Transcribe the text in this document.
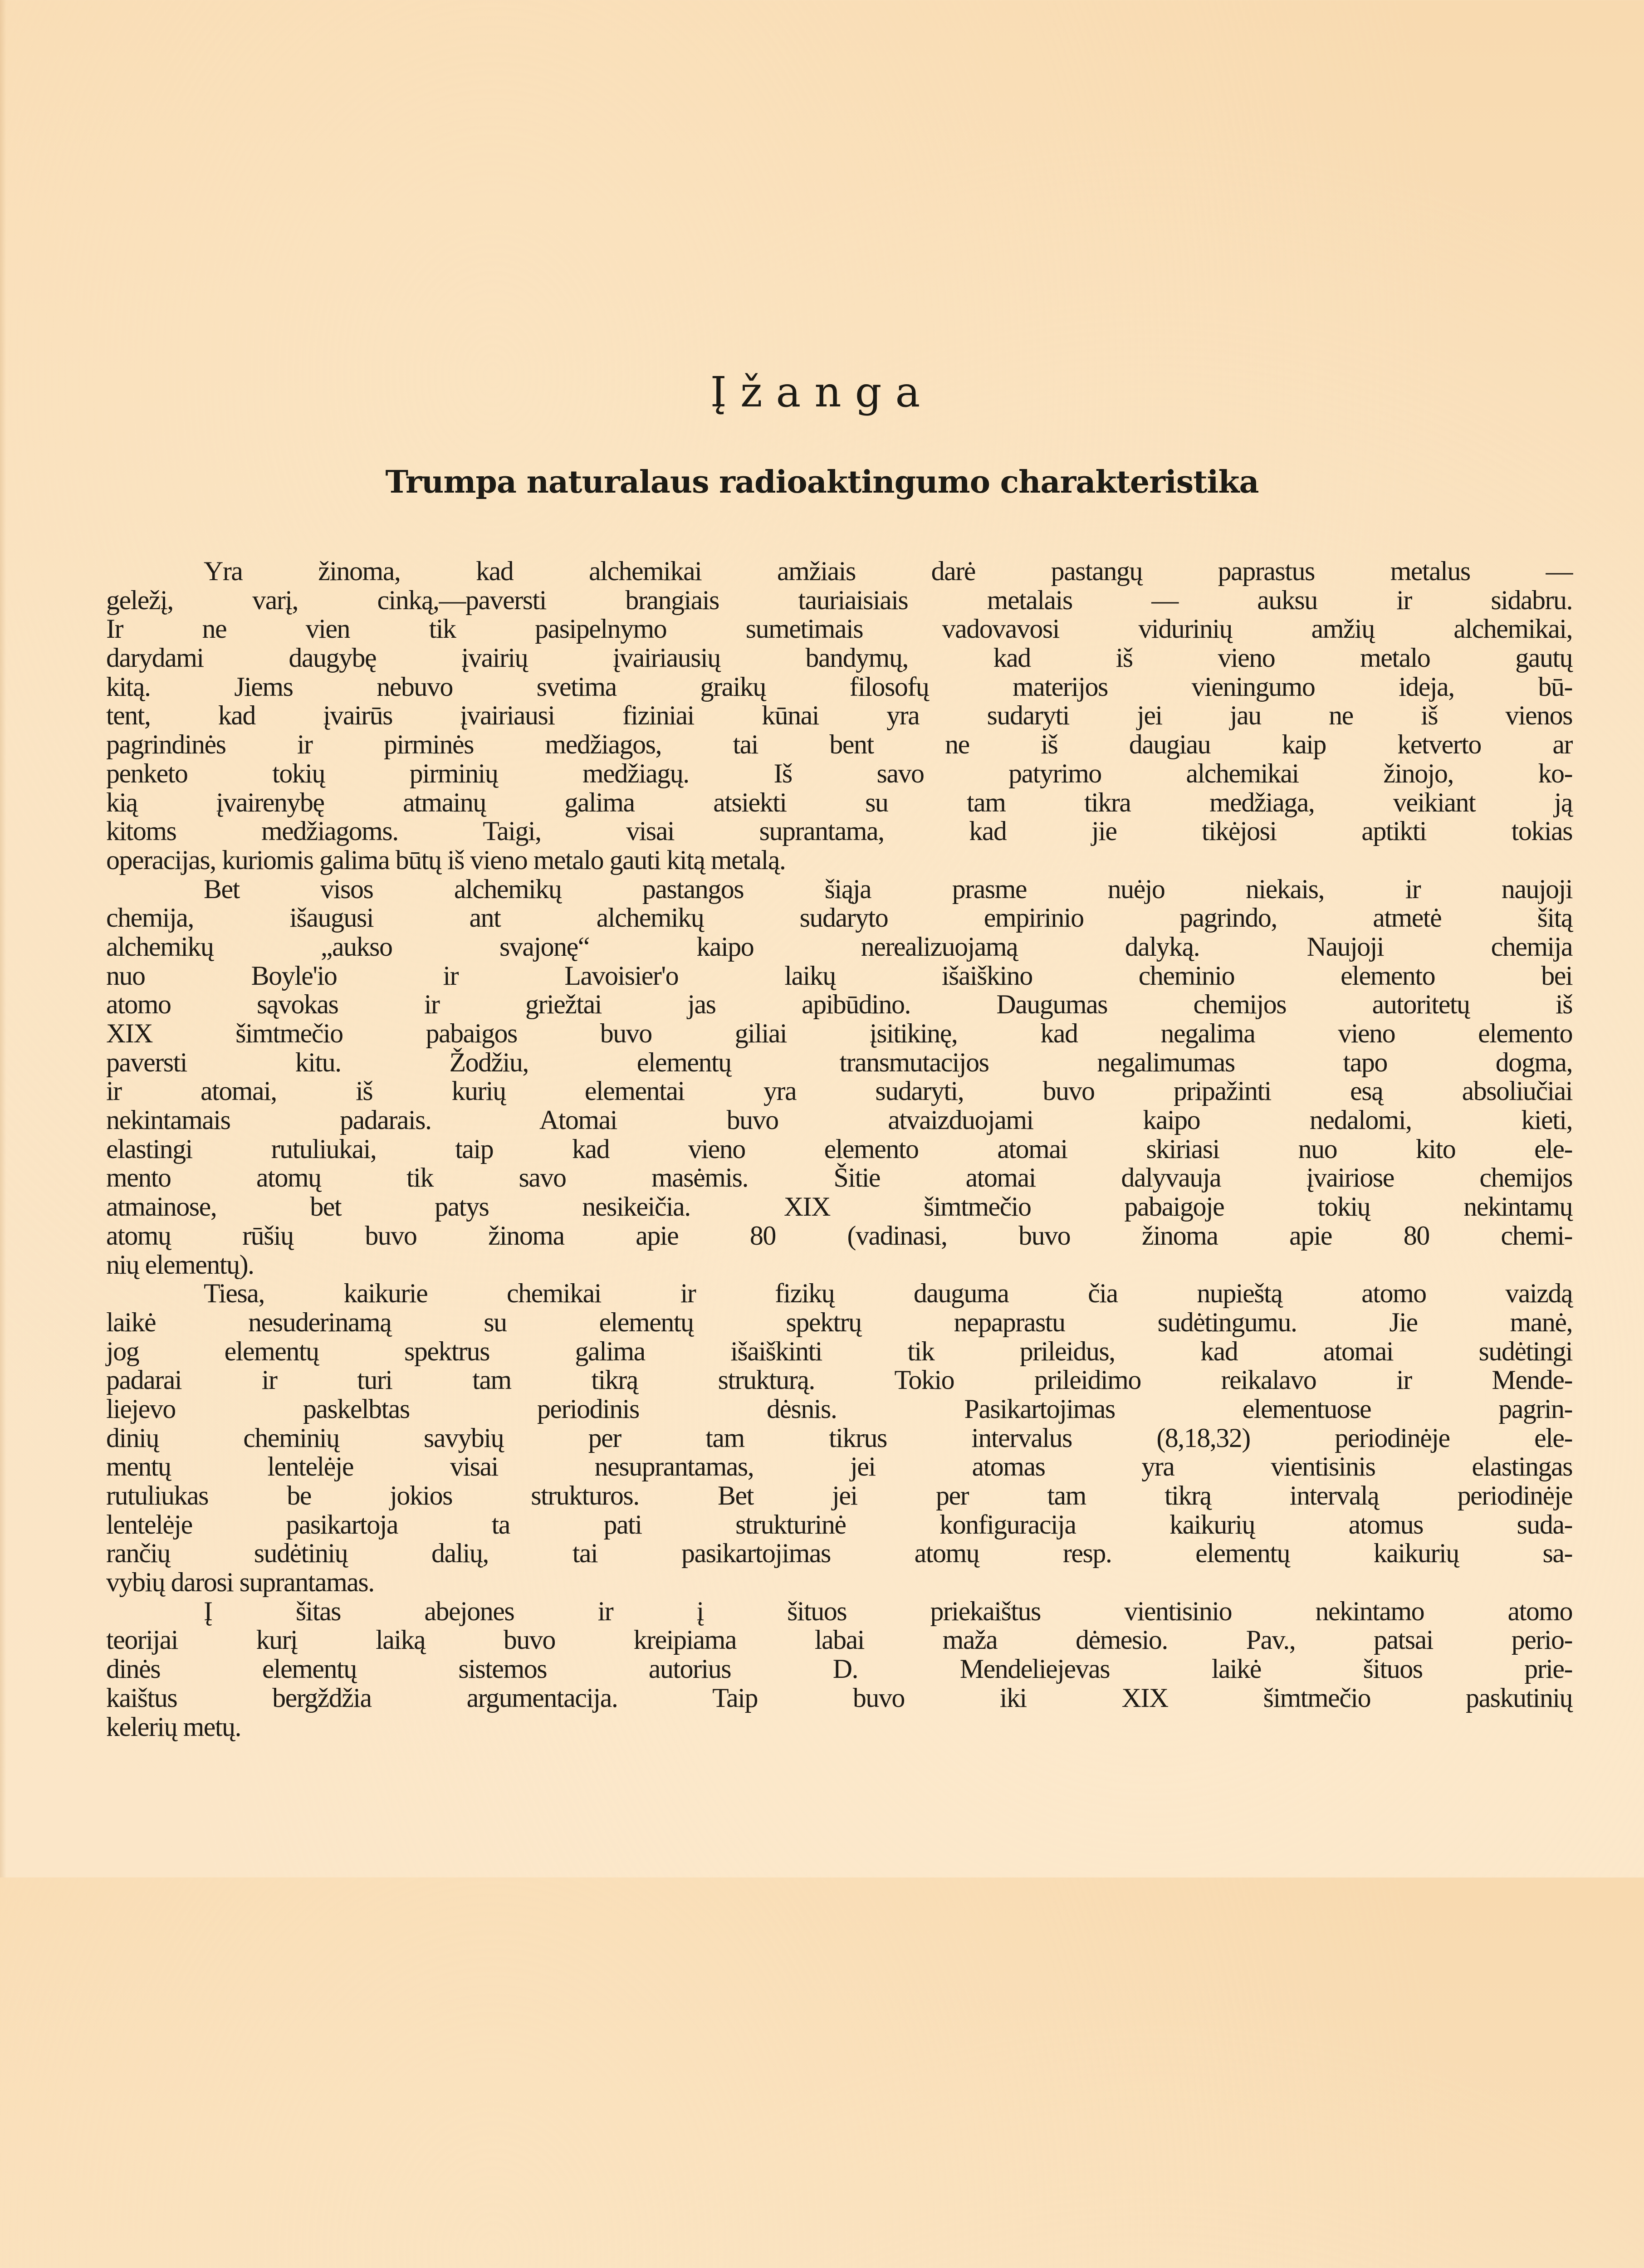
Įžanga
Trumpa naturalaus radioaktingumo charakteristika
Yra žinoma, kad alchemikai amžiais darė pastangų paprastus metalus —
geležį, varį, cinką,—paversti brangiais tauriaisiais metalais — auksu ir sidabru.
Ir ne vien tik pasipelnymo sumetimais vadovavosi vidurinių amžių alchemikai,
darydami daugybę įvairių įvairiausių bandymų, kad iš vieno metalo gautų
kitą. Jiems nebuvo svetima graikų filosofų materijos vieningumo ideja, bū-
tent, kad įvairūs įvairiausi fiziniai kūnai yra sudaryti jei jau ne iš vienos
pagrindinės ir pirminės medžiagos, tai bent ne iš daugiau kaip ketverto ar
penketo tokių pirminių medžiagų. Iš savo patyrimo alchemikai žinojo, ko-
kią įvairenybę atmainų galima atsiekti su tam tikra medžiaga, veikiant ją
kitoms medžiagoms. Taigi, visai suprantama, kad jie tikėjosi aptikti tokias
operacijas, kuriomis galima būtų iš vieno metalo gauti kitą metalą.
Bet visos alchemikų pastangos šiąja prasme nuėjo niekais, ir naujoji
chemija, išaugusi ant alchemikų sudaryto empirinio pagrindo, atmetė šitą
alchemikų „aukso svajonę“ kaipo nerealizuojamą dalyką. Naujoji chemija
nuo Boyle'io ir Lavoisier'o laikų išaiškino cheminio elemento bei
atomo sąvokas ir griežtai jas apibūdino. Daugumas chemijos autoritetų iš
XIX šimtmečio pabaigos buvo giliai įsitikinę, kad negalima vieno elemento
paversti kitu. Žodžiu, elementų transmutacijos negalimumas tapo dogma,
ir atomai, iš kurių elementai yra sudaryti, buvo pripažinti esą absoliučiai
nekintamais padarais. Atomai buvo atvaizduojami kaipo nedalomi, kieti,
elastingi rutuliukai, taip kad vieno elemento atomai skiriasi nuo kito ele-
mento atomų tik savo masėmis. Šitie atomai dalyvauja įvairiose chemijos
atmainose, bet patys nesikeičia. XIX šimtmečio pabaigoje tokių nekintamų
atomų rūšių buvo žinoma apie 80 (vadinasi, buvo žinoma apie 80 chemi-
nių elementų).
Tiesa, kaikurie chemikai ir fizikų dauguma čia nupieštą atomo vaizdą
laikė nesuderinamą su elementų spektrų nepaprastu sudėtingumu. Jie manė,
jog elementų spektrus galima išaiškinti tik prileidus, kad atomai sudėtingi
padarai ir turi tam tikrą strukturą. Tokio prileidimo reikalavo ir Mende-
liejevo paskelbtas periodinis dėsnis. Pasikartojimas elementuose pagrin-
dinių cheminių savybių per tam tikrus intervalus (8,18,32) periodinėje ele-
mentų lentelėje visai nesuprantamas, jei atomas yra vientisinis elastingas
rutuliukas be jokios strukturos. Bet jei per tam tikrą intervalą periodinėje
lentelėje pasikartoja ta pati strukturinė konfiguracija kaikurių atomus suda-
rančių sudėtinių dalių, tai pasikartojimas atomų resp. elementų kaikurių sa-
vybių darosi suprantamas.
Į šitas abejones ir į šituos priekaištus vientisinio nekintamo atomo
teorijai kurį laiką buvo kreipiama labai maža dėmesio. Pav., patsai perio-
dinės elementų sistemos autorius D. Mendeliejevas laikė šituos prie-
kaištus bergždžia argumentacija. Taip buvo iki XIX šimtmečio paskutinių
kelerių metų.
